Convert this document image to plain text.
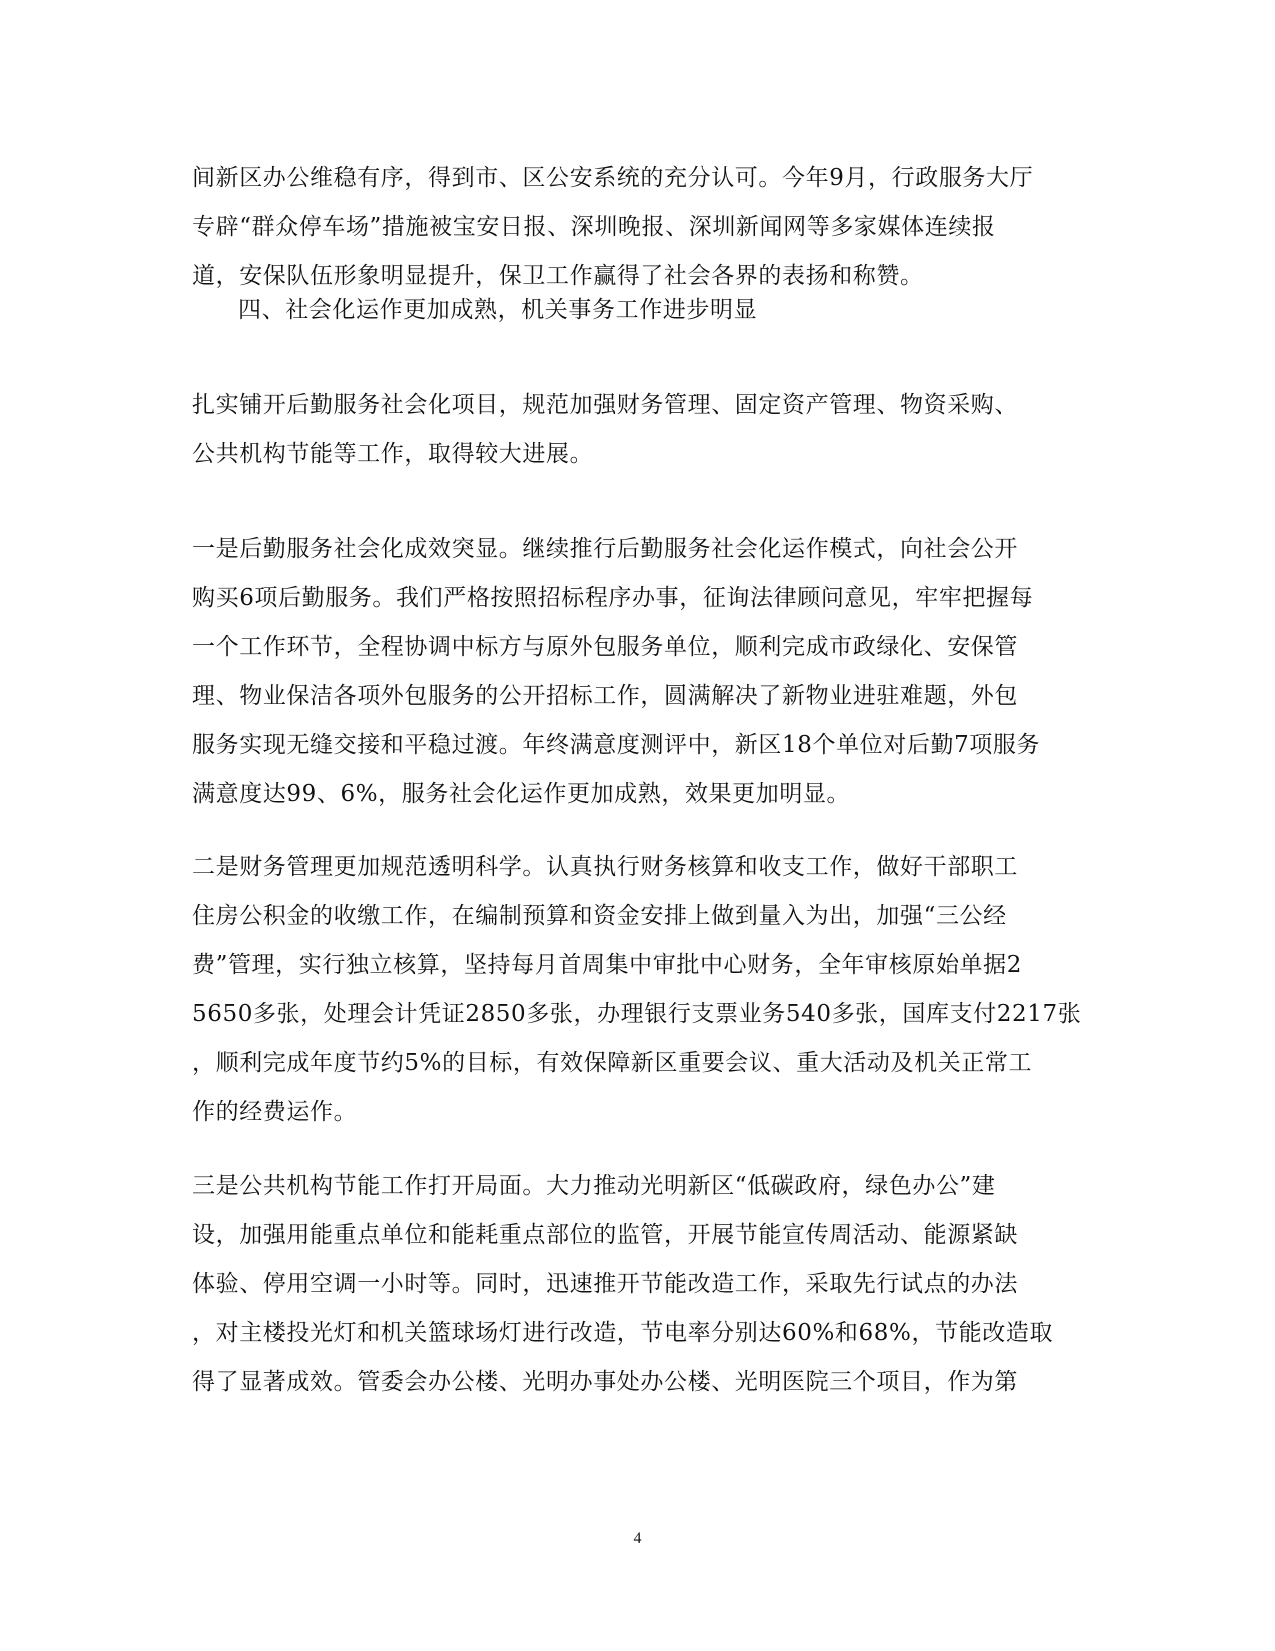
间新区办公维稳有序，得到市、区公安系统的充分认可。今年9月，行政服务大厅
专辟“群众停车场”措施被宝安日报、深圳晚报、深圳新闻网等多家媒体连续报
道，安保队伍形象明显提升，保卫工作赢得了社会各界的表扬和称赞。
四、社会化运作更加成熟，机关事务工作进步明显
扎实铺开后勤服务社会化项目，规范加强财务管理、固定资产管理、物资采购、
公共机构节能等工作，取得较大进展。
一是后勤服务社会化成效突显。继续推行后勤服务社会化运作模式，向社会公开
购买6项后勤服务。我们严格按照招标程序办事，征询法律顾问意见，牢牢把握每
一个工作环节，全程协调中标方与原外包服务单位，顺利完成市政绿化、安保管
理、物业保洁各项外包服务的公开招标工作，圆满解决了新物业进驻难题，外包
服务实现无缝交接和平稳过渡。年终满意度测评中，新区18个单位对后勤7项服务
满意度达99、6%，服务社会化运作更加成熟，效果更加明显。
二是财务管理更加规范透明科学。认真执行财务核算和收支工作，做好干部职工
住房公积金的收缴工作，在编制预算和资金安排上做到量入为出，加强“三公经
费”管理，实行独立核算，坚持每月首周集中审批中心财务，全年审核原始单据2
5650多张，处理会计凭证2850多张，办理银行支票业务540多张，国库支付2217张
，顺利完成年度节约5%的目标，有效保障新区重要会议、重大活动及机关正常工
作的经费运作。
三是公共机构节能工作打开局面。大力推动光明新区“低碳政府，绿色办公”建
设，加强用能重点单位和能耗重点部位的监管，开展节能宣传周活动、能源紧缺
体验、停用空调一小时等。同时，迅速推开节能改造工作，采取先行试点的办法
，对主楼投光灯和机关篮球场灯进行改造，节电率分别达60%和68%，节能改造取
得了显著成效。管委会办公楼、光明办事处办公楼、光明医院三个项目，作为第
4
